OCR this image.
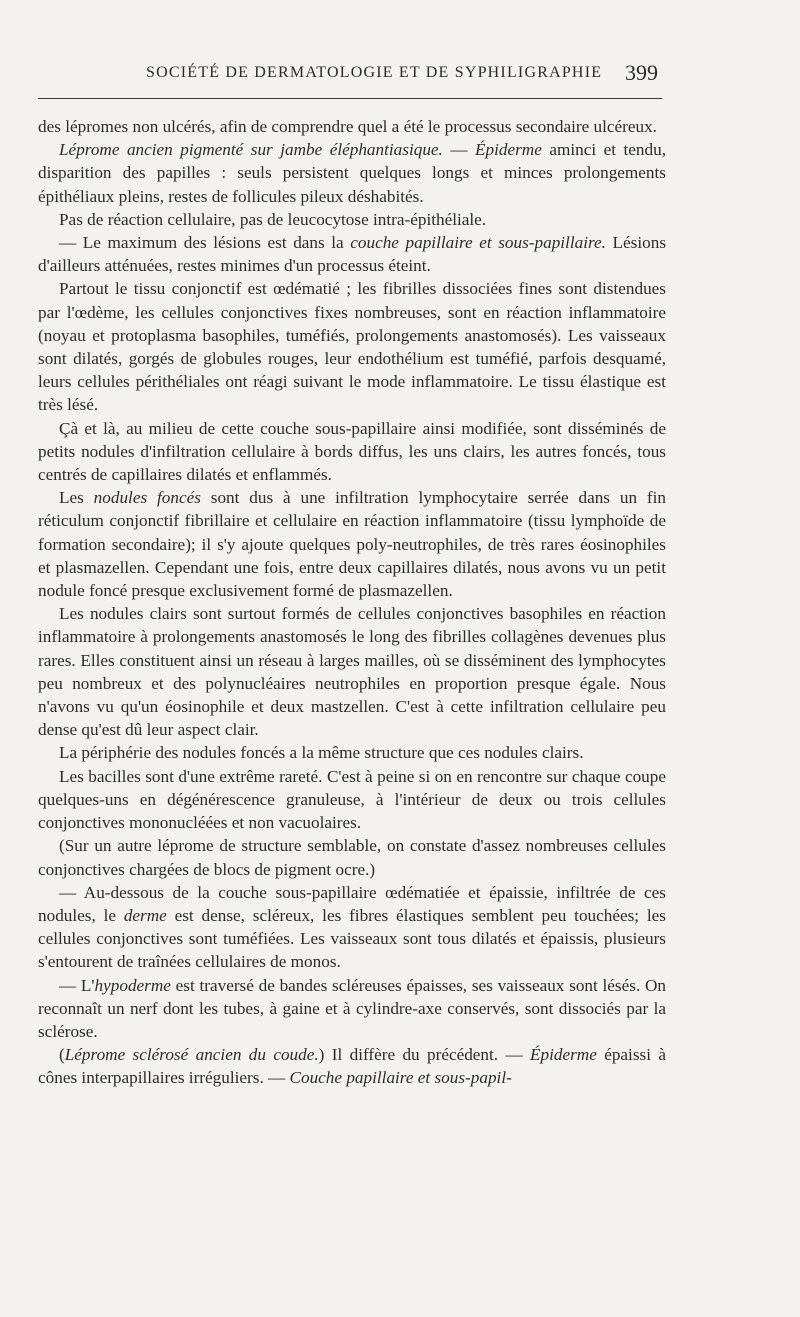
SOCIÉTÉ DE DERMATOLOGIE ET DE SYPHILIGRAPHIE 399

des lépromes non ulcérés, afin de comprendre quel a été le processus secondaire ulcéreux.

Léprome ancien pigmenté sur jambe éléphantiasique. — Épiderme aminci et tendu, disparition des papilles : seuls persistent quelques longs et minces prolongements épithéliaux pleins, restes de follicules pileux déshabités.

Pas de réaction cellulaire, pas de leucocytose intra-épithéliale.

— Le maximum des lésions est dans la couche papillaire et sous-papillaire. Lésions d'ailleurs atténuées, restes minimes d'un processus éteint.

Partout le tissu conjonctif est œdématié ; les fibrilles dissociées fines sont distendues par l'œdème, les cellules conjonctives fixes nombreuses, sont en réaction inflammatoire (noyau et protoplasma basophiles, tuméfiés, prolongements anastomosés). Les vaisseaux sont dilatés, gorgés de globules rouges, leur endothélium est tuméfié, parfois desquamé, leurs cellules périthéliales ont réagi suivant le mode inflammatoire. Le tissu élastique est très lésé.

Çà et là, au milieu de cette couche sous-papillaire ainsi modifiée, sont disséminés de petits nodules d'infiltration cellulaire à bords diffus, les uns clairs, les autres foncés, tous centrés de capillaires dilatés et enflammés.

Les nodules foncés sont dus à une infiltration lymphocytaire serrée dans un fin réticulum conjonctif fibrillaire et cellulaire en réaction inflammatoire (tissu lymphoïde de formation secondaire); il s'y ajoute quelques poly-neutrophiles, de très rares éosinophiles et plasmazellen. Cependant une fois, entre deux capillaires dilatés, nous avons vu un petit nodule foncé presque exclusivement formé de plasmazellen.

Les nodules clairs sont surtout formés de cellules conjonctives basophiles en réaction inflammatoire à prolongements anastomosés le long des fibrilles collagènes devenues plus rares. Elles constituent ainsi un réseau à larges mailles, où se disséminent des lymphocytes peu nombreux et des polynucléaires neutrophiles en proportion presque égale. Nous n'avons vu qu'un éosinophile et deux mastzellen. C'est à cette infiltration cellulaire peu dense qu'est dû leur aspect clair.

La périphérie des nodules foncés a la même structure que ces nodules clairs.

Les bacilles sont d'une extrême rareté. C'est à peine si on en rencontre sur chaque coupe quelques-uns en dégénérescence granuleuse, à l'intérieur de deux ou trois cellules conjonctives mononucléées et non vacuolaires.

(Sur un autre léprome de structure semblable, on constate d'assez nombreuses cellules conjonctives chargées de blocs de pigment ocre.)

— Au-dessous de la couche sous-papillaire œdématiée et épaissie, infiltrée de ces nodules, le derme est dense, scléreux, les fibres élastiques semblent peu touchées; les cellules conjonctives sont tuméfiées. Les vaisseaux sont tous dilatés et épaissis, plusieurs s'entourent de traînées cellulaires de monos.

— L'hypoderme est traversé de bandes scléreuses épaisses, ses vaisseaux sont lésés. On reconnaît un nerf dont les tubes, à gaine et à cylindre-axe conservés, sont dissociés par la sclérose.

(Léprome sclérosé ancien du coude.) Il diffère du précédent. — Épiderme épaissi à cônes interpapillaires irréguliers. — Couche papillaire et sous-papil-
